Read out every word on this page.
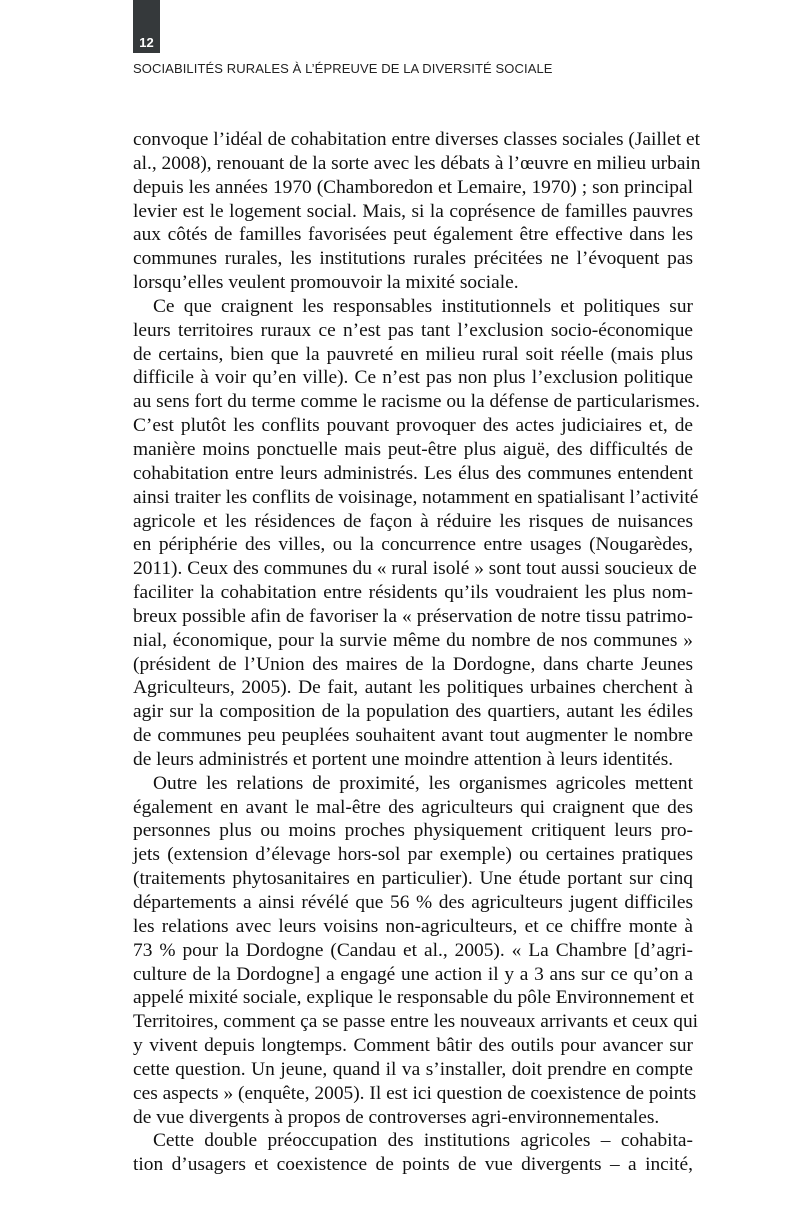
12
SOCIABILITÉS RURALES À L’ÉPREUVE DE LA DIVERSITÉ SOCIALE
convoque l’idéal de cohabitation entre diverses classes sociales (Jaillet et
al., 2008), renouant de la sorte avec les débats à l’œuvre en milieu urbain
depuis les années 1970 (Chamboredon et Lemaire, 1970) ; son principal
levier est le logement social. Mais, si la coprésence de familles pauvres
aux côtés de familles favorisées peut également être effective dans les
communes rurales, les institutions rurales précitées ne l’évoquent pas
lorsqu’elles veulent promouvoir la mixité sociale.
Ce que craignent les responsables institutionnels et politiques sur
leurs territoires ruraux ce n’est pas tant l’exclusion socio-économique
de certains, bien que la pauvreté en milieu rural soit réelle (mais plus
difficile à voir qu’en ville). Ce n’est pas non plus l’exclusion politique
au sens fort du terme comme le racisme ou la défense de particularismes.
C’est plutôt les conflits pouvant provoquer des actes judiciaires et, de
manière moins ponctuelle mais peut-être plus aiguë, des difficultés de
cohabitation entre leurs administrés. Les élus des communes entendent
ainsi traiter les conflits de voisinage, notamment en spatialisant l’activité
agricole et les résidences de façon à réduire les risques de nuisances
en périphérie des villes, ou la concurrence entre usages (Nougarèdes,
2011). Ceux des communes du « rural isolé » sont tout aussi soucieux de
faciliter la cohabitation entre résidents qu’ils voudraient les plus nom-
breux possible afin de favoriser la « préservation de notre tissu patrimo-
nial, économique, pour la survie même du nombre de nos communes »
(président de l’Union des maires de la Dordogne, dans charte Jeunes
Agriculteurs, 2005). De fait, autant les politiques urbaines cherchent à
agir sur la composition de la population des quartiers, autant les édiles
de communes peu peuplées souhaitent avant tout augmenter le nombre
de leurs administrés et portent une moindre attention à leurs identités.
Outre les relations de proximité, les organismes agricoles mettent
également en avant le mal-être des agriculteurs qui craignent que des
personnes plus ou moins proches physiquement critiquent leurs pro-
jets (extension d’élevage hors-sol par exemple) ou certaines pratiques
(traitements phytosanitaires en particulier). Une étude portant sur cinq
départements a ainsi révélé que 56 % des agriculteurs jugent difficiles
les relations avec leurs voisins non-agriculteurs, et ce chiffre monte à
73 % pour la Dordogne (Candau et al., 2005). « La Chambre [d’agri-
culture de la Dordogne] a engagé une action il y a 3 ans sur ce qu’on a
appelé mixité sociale, explique le responsable du pôle Environnement et
Territoires, comment ça se passe entre les nouveaux arrivants et ceux qui
y vivent depuis longtemps. Comment bâtir des outils pour avancer sur
cette question. Un jeune, quand il va s’installer, doit prendre en compte
ces aspects » (enquête, 2005). Il est ici question de coexistence de points
de vue divergents à propos de controverses agri-environnementales.
Cette double préoccupation des institutions agricoles – cohabita-
tion d’usagers et coexistence de points de vue divergents – a incité,
